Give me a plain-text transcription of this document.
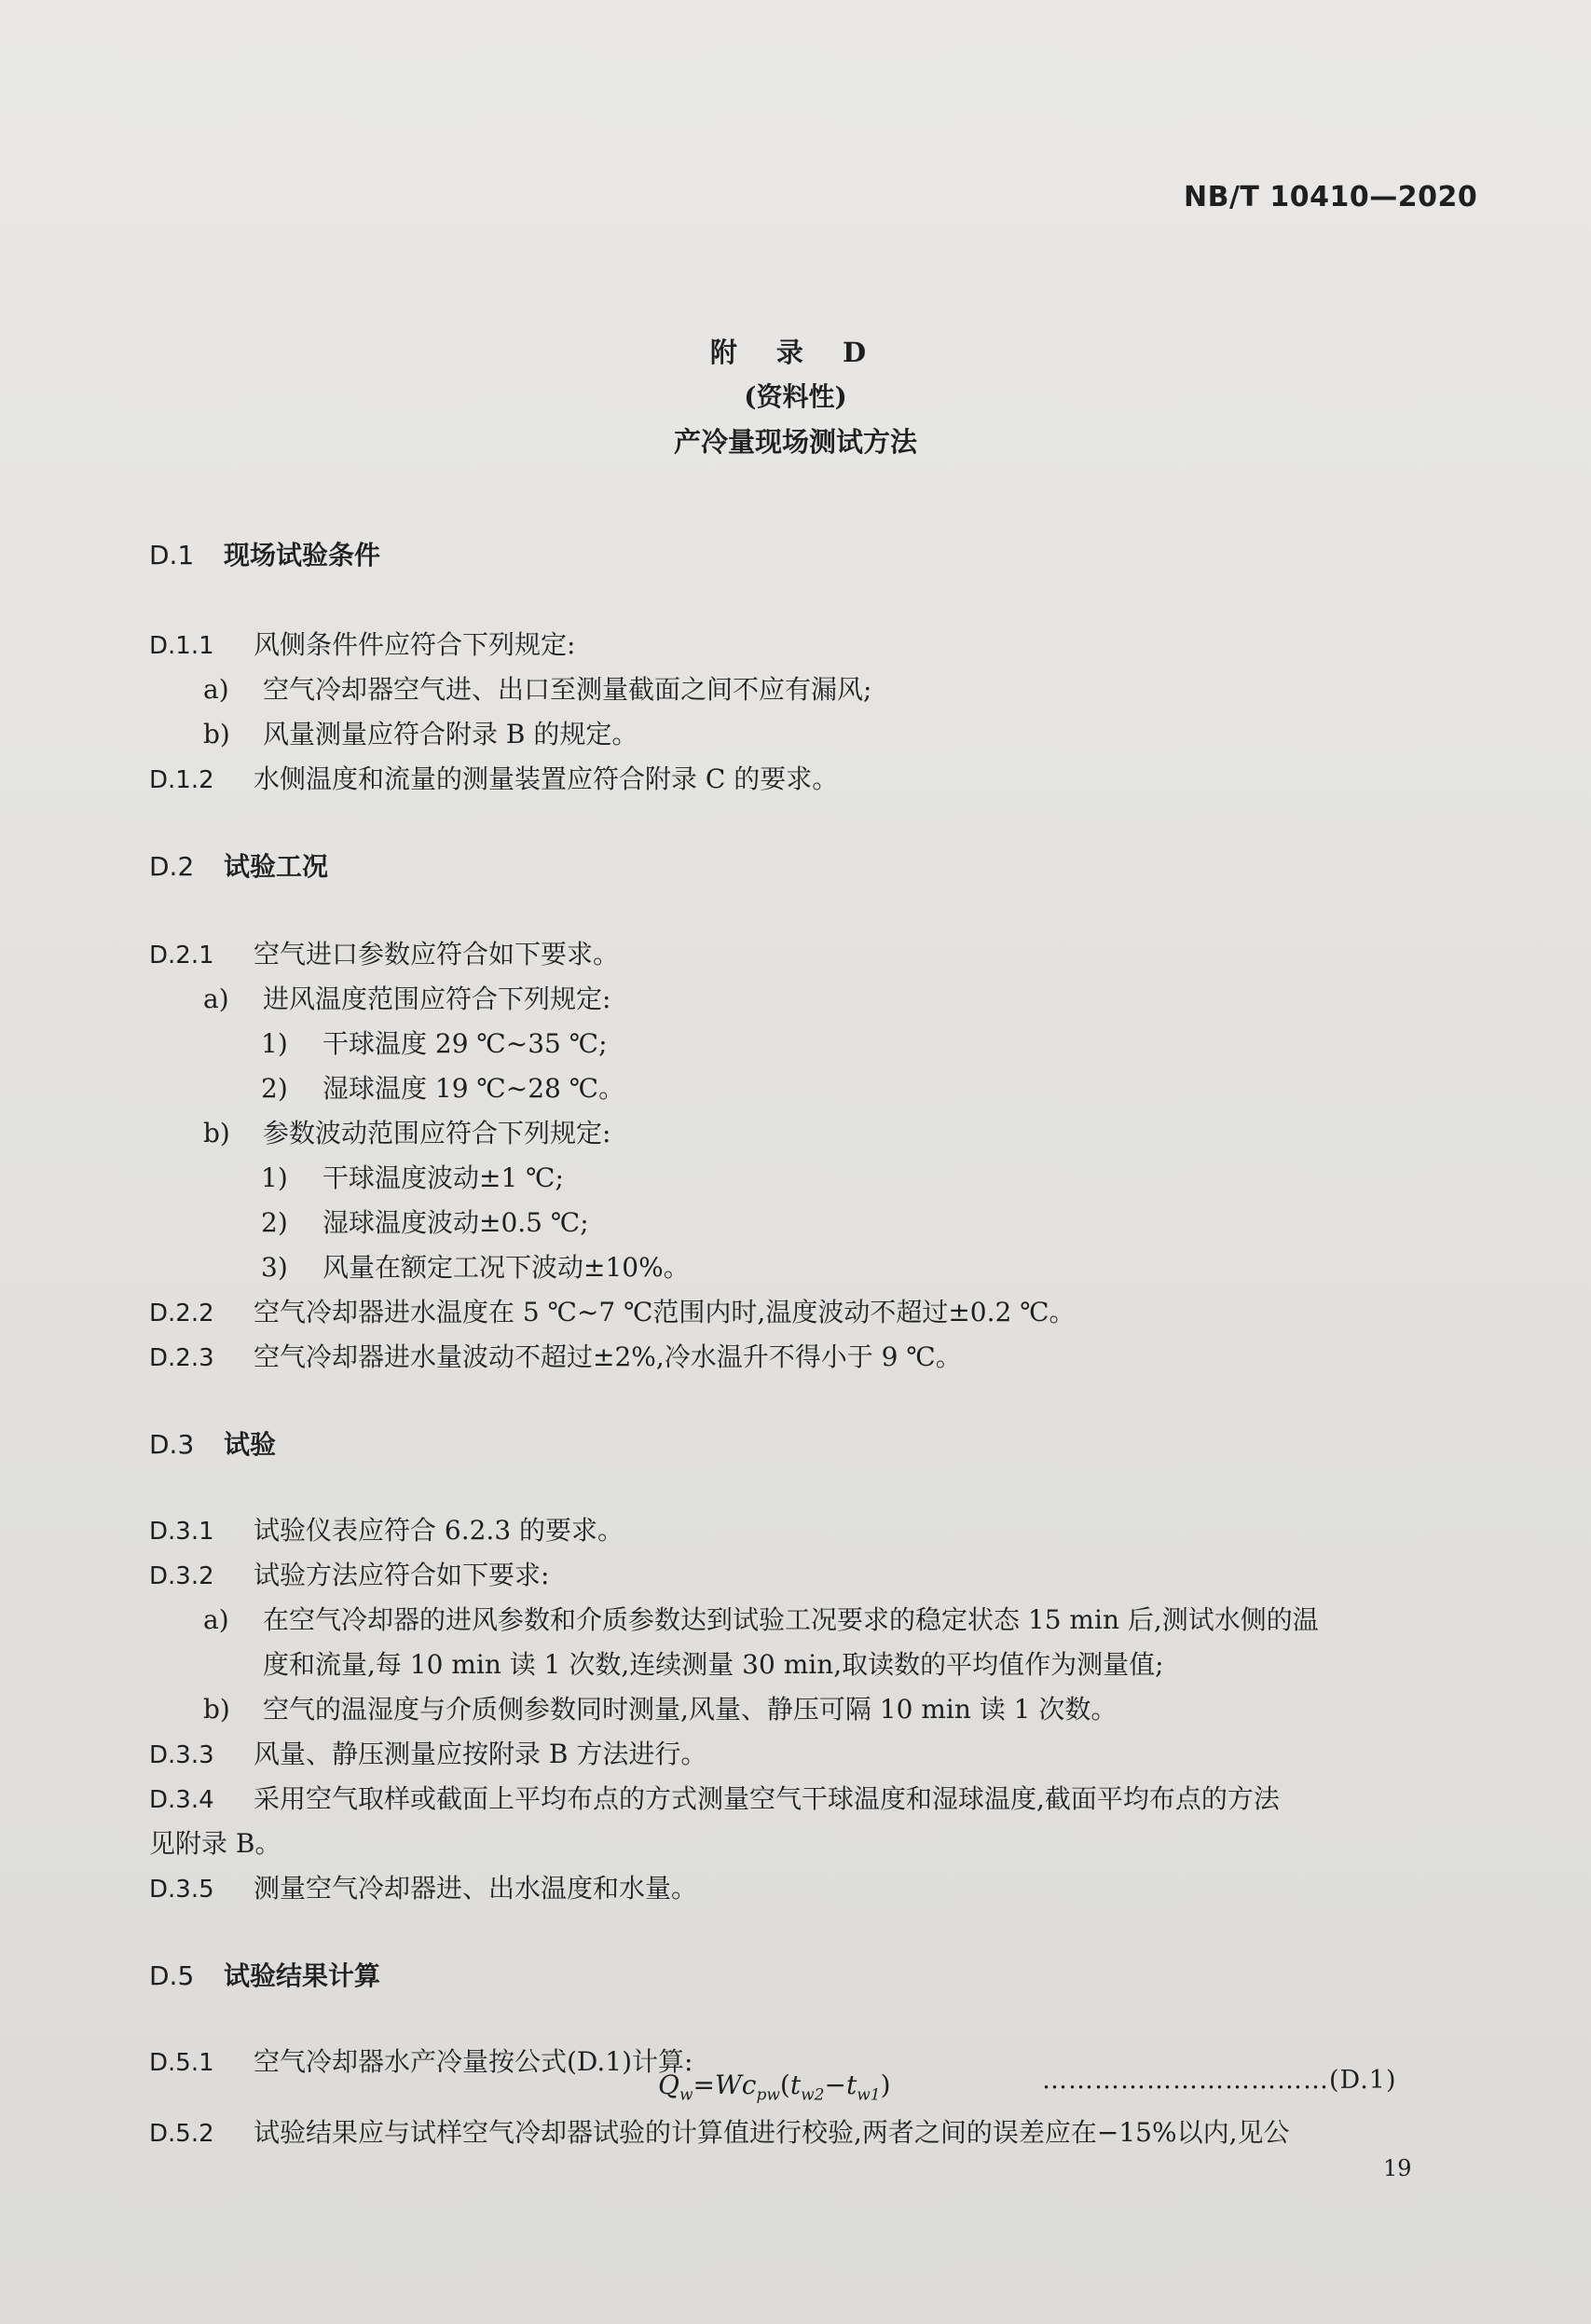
NB/T 10410—2020
附 录 D
(资料性)
产冷量现场测试方法
D.1 现场试验条件
D.1.1 风侧条件件应符合下列规定:
a) 空气冷却器空气进、出口至测量截面之间不应有漏风;
b) 风量测量应符合附录 B 的规定。
D.1.2 水侧温度和流量的测量装置应符合附录 C 的要求。
D.2 试验工况
D.2.1 空气进口参数应符合如下要求。
a) 进风温度范围应符合下列规定:
1) 干球温度 29 ℃~35 ℃;
2) 湿球温度 19 ℃~28 ℃。
b) 参数波动范围应符合下列规定:
1) 干球温度波动±1 ℃;
2) 湿球温度波动±0.5 ℃;
3) 风量在额定工况下波动±10%。
D.2.2 空气冷却器进水温度在 5 ℃~7 ℃范围内时,温度波动不超过±0.2 ℃。
D.2.3 空气冷却器进水量波动不超过±2%,冷水温升不得小于 9 ℃。
D.3 试验
D.3.1 试验仪表应符合 6.2.3 的要求。
D.3.2 试验方法应符合如下要求:
a) 在空气冷却器的进风参数和介质参数达到试验工况要求的稳定状态 15 min 后,测试水侧的温
度和流量,每 10 min 读 1 次数,连续测量 30 min,取读数的平均值作为测量值;
b) 空气的温湿度与介质侧参数同时测量,风量、静压可隔 10 min 读 1 次数。
D.3.3 风量、静压测量应按附录 B 方法进行。
D.3.4 采用空气取样或截面上平均布点的方式测量空气干球温度和湿球温度,截面平均布点的方法
见附录 B。
D.3.5 测量空气冷却器进、出水温度和水量。
D.5 试验结果计算
D.5.1 空气冷却器水产冷量按公式(D.1)计算:
$Q_w=Wc_{pw}(t_{w2}-t_{w1})$	……………………………(D.1)
D.5.2 试验结果应与试样空气冷却器试验的计算值进行校验,两者之间的误差应在−15%以内,见公
19
